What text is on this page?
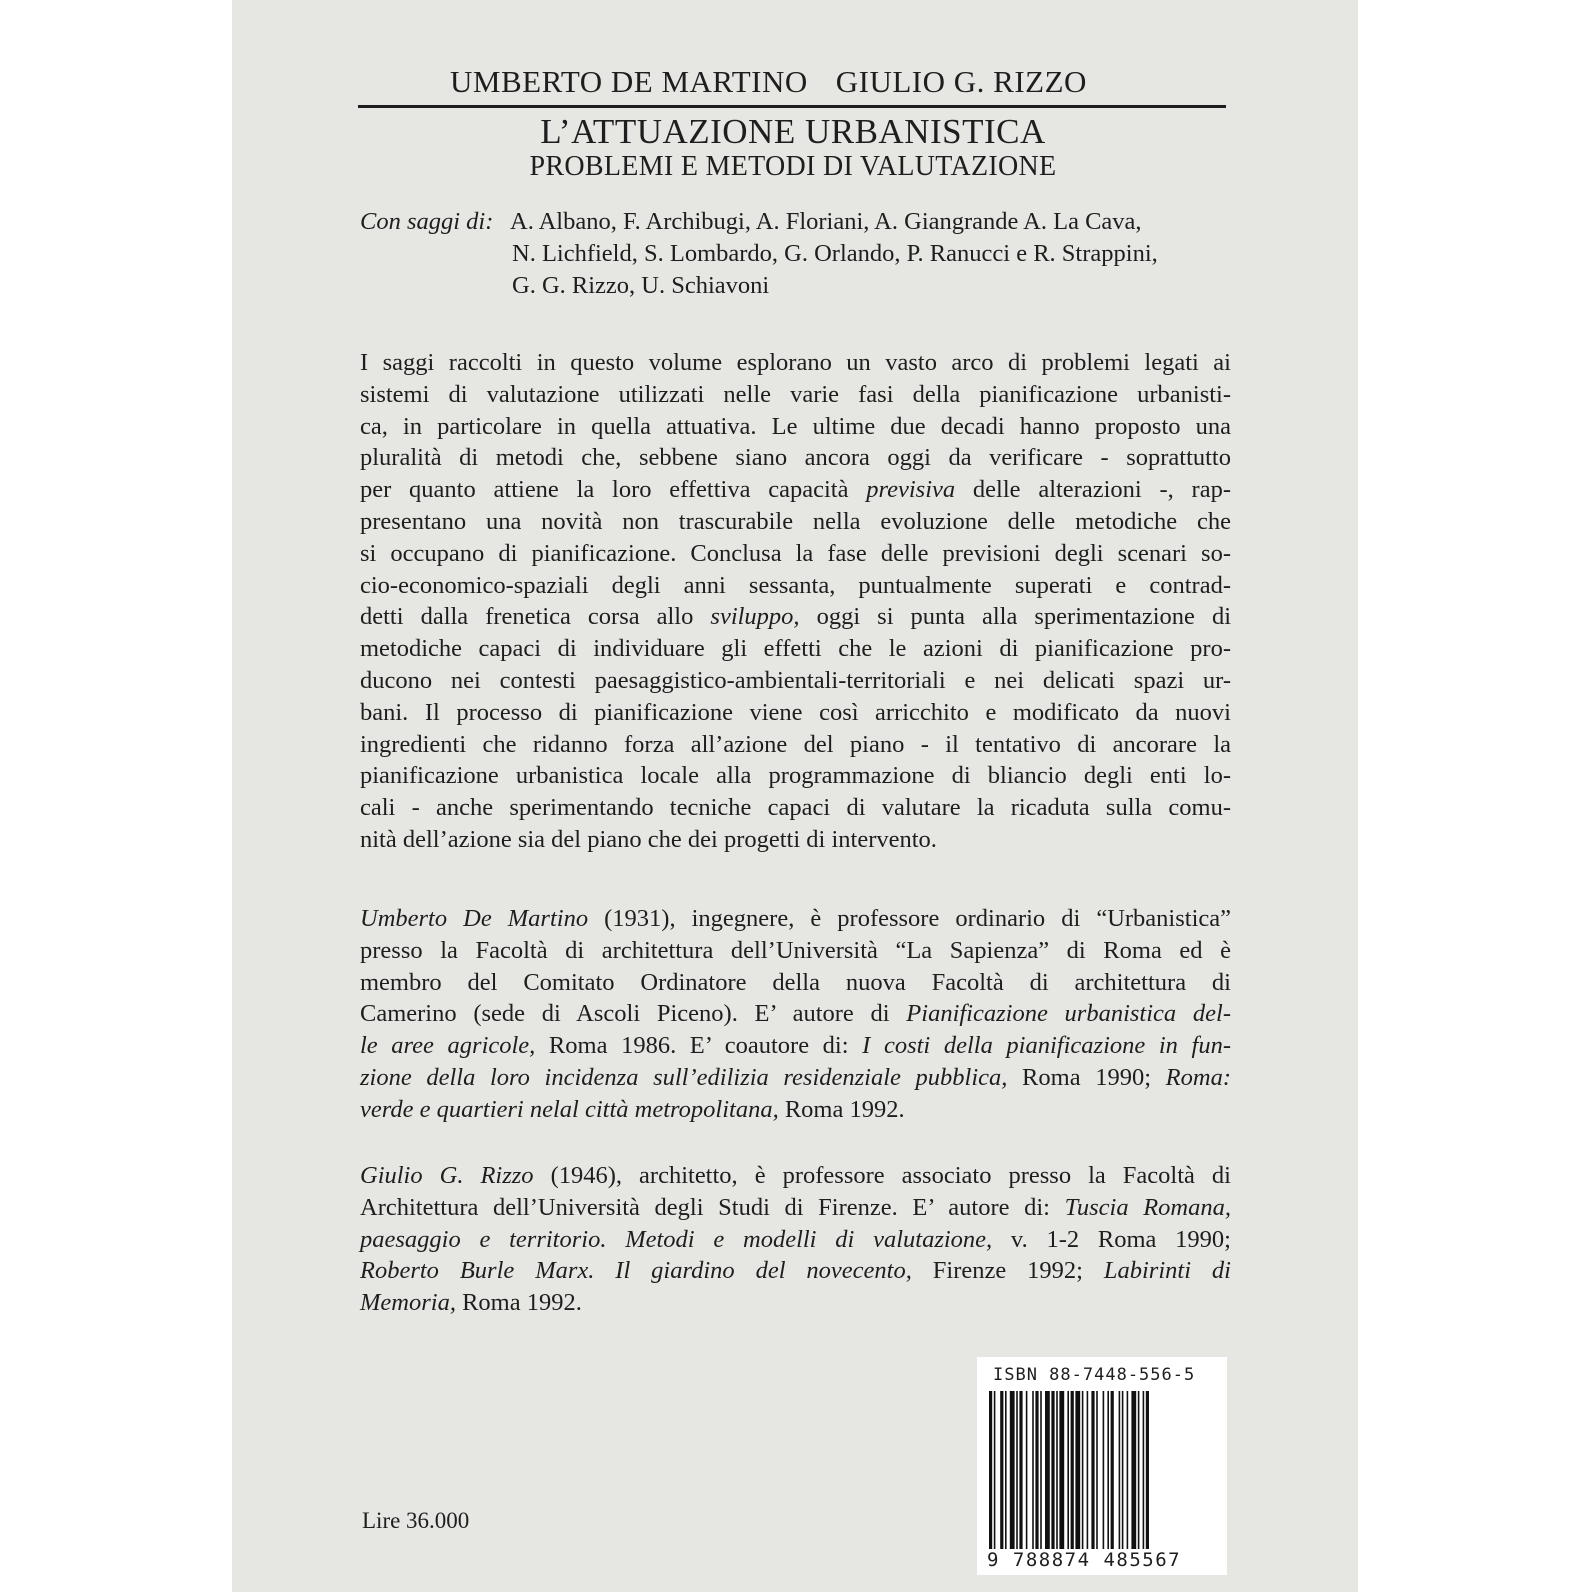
UMBERTO DE MARTINO GIULIO G. RIZZO
L’ATTUAZIONE URBANISTICA
PROBLEMI E METODI DI VALUTAZIONE
Con saggi di: A. Albano, F. Archibugi, A. Floriani, A. Giangrande A. La Cava,
N. Lichfield, S. Lombardo, G. Orlando, P. Ranucci e R. Strappini,
G. G. Rizzo, U. Schiavoni
I saggi raccolti in questo volume esplorano un vasto arco di problemi legati ai
sistemi di valutazione utilizzati nelle varie fasi della pianificazione urbanisti-
ca, in particolare in quella attuativa. Le ultime due decadi hanno proposto una
pluralità di metodi che, sebbene siano ancora oggi da verificare - soprattutto
per quanto attiene la loro effettiva capacità previsiva delle alterazioni -, rap-
presentano una novità non trascurabile nella evoluzione delle metodiche che
si occupano di pianificazione. Conclusa la fase delle previsioni degli scenari so-
cio-economico-spaziali degli anni sessanta, puntualmente superati e contrad-
detti dalla frenetica corsa allo sviluppo, oggi si punta alla sperimentazione di
metodiche capaci di individuare gli effetti che le azioni di pianificazione pro-
ducono nei contesti paesaggistico-ambientali-territoriali e nei delicati spazi ur-
bani. Il processo di pianificazione viene così arricchito e modificato da nuovi
ingredienti che ridanno forza all’azione del piano - il tentativo di ancorare la
pianificazione urbanistica locale alla programmazione di bliancio degli enti lo-
cali - anche sperimentando tecniche capaci di valutare la ricaduta sulla comu-
nità dell’azione sia del piano che dei progetti di intervento.
Umberto De Martino (1931), ingegnere, è professore ordinario di “Urbanistica”
presso la Facoltà di architettura dell’Università “La Sapienza” di Roma ed è
membro del Comitato Ordinatore della nuova Facoltà di architettura di
Camerino (sede di Ascoli Piceno). E’ autore di Pianificazione urbanistica del-
le aree agricole, Roma 1986. E’ coautore di: I costi della pianificazione in fun-
zione della loro incidenza sull’edilizia residenziale pubblica, Roma 1990; Roma:
verde e quartieri nelal città metropolitana, Roma 1992.
Giulio G. Rizzo (1946), architetto, è professore associato presso la Facoltà di
Architettura dell’Università degli Studi di Firenze. E’ autore di: Tuscia Romana,
paesaggio e territorio. Metodi e modelli di valutazione, v. 1-2 Roma 1990;
Roberto Burle Marx. Il giardino del novecento, Firenze 1992; Labirinti di
Memoria, Roma 1992.
Lire 36.000
ISBN 88-7448-556-5
9 788874 485567
